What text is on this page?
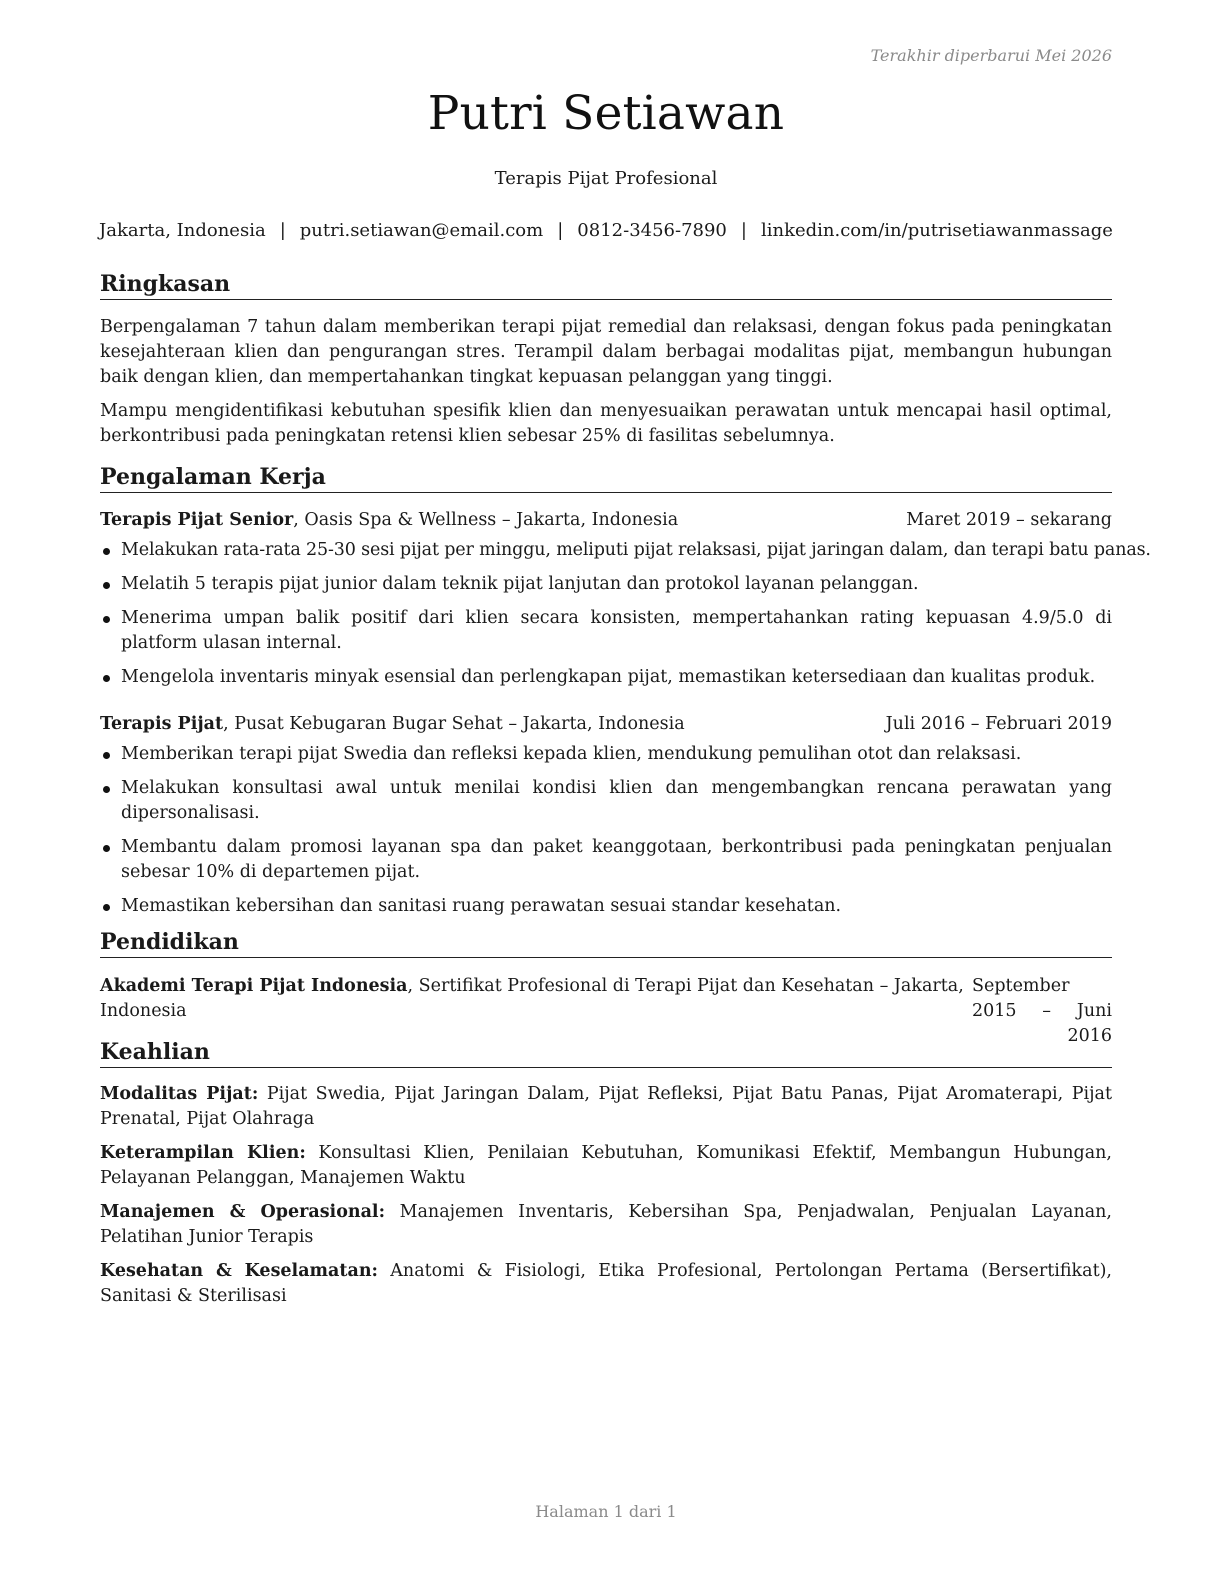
Terakhir diperbarui Mei 2026
Putri Setiawan
Terapis Pijat Profesional
Jakarta, Indonesia | putri.setiawan@email.com | 0812-3456-7890 | linkedin.com/in/putrisetiawanmassage
Ringkasan

Berpengalaman 7 tahun dalam memberikan terapi pijat remedial dan relaksasi, dengan fokus pada peningkatan kesejahteraan klien dan pengurangan stres. Terampil dalam berbagai modalitas pijat, membangun hubungan baik dengan klien, dan mempertahankan tingkat kepuasan pelanggan yang tinggi.

Mampu mengidentifikasi kebutuhan spesifik klien dan menyesuaikan perawatan untuk mencapai hasil optimal, berkontribusi pada peningkatan retensi klien sebesar 25% di fasilitas sebelumnya.

Pengalaman Kerja
Terapis Pijat Senior, Oasis Spa & Wellness – Jakarta, Indonesia	Maret 2019 – sekarang
Melakukan rata-rata 25-30 sesi pijat per minggu, meliputi pijat relaksasi, pijat jaringan dalam, dan terapi batu panas.
Melatih 5 terapis pijat junior dalam teknik pijat lanjutan dan protokol layanan pelanggan.
Menerima umpan balik positif dari klien secara konsisten, mempertahankan rating kepuasan 4.9/5.0 di platform ulasan internal.
Mengelola inventaris minyak esensial dan perlengkapan pijat, memastikan ketersediaan dan kualitas produk.
Terapis Pijat, Pusat Kebugaran Bugar Sehat – Jakarta, Indonesia	Juli 2016 – Februari 2019
Memberikan terapi pijat Swedia dan refleksi kepada klien, mendukung pemulihan otot dan relaksasi.
Melakukan konsultasi awal untuk menilai kondisi klien dan mengembangkan rencana perawatan yang dipersonalisasi.
Membantu dalam promosi layanan spa dan paket keanggotaan, berkontribusi pada peningkatan penjualan sebesar 10% di departemen pijat.
Memastikan kebersihan dan sanitasi ruang perawatan sesuai standar kesehatan.
Pendidikan
Akademi Terapi Pijat Indonesia, Sertifikat Profesional di Terapi Pijat dan Kesehatan – Jakarta, Indonesia
September 2015 – Juni 2016
Keahlian

Modalitas Pijat: Pijat Swedia, Pijat Jaringan Dalam, Pijat Refleksi, Pijat Batu Panas, Pijat Aromaterapi, Pijat Prenatal, Pijat Olahraga

Keterampilan Klien: Konsultasi Klien, Penilaian Kebutuhan, Komunikasi Efektif, Membangun Hubungan, Pelayanan Pelanggan, Manajemen Waktu

Manajemen & Operasional: Manajemen Inventaris, Kebersihan Spa, Penjadwalan, Penjualan Layanan, Pelatihan Junior Terapis

Kesehatan & Keselamatan: Anatomi & Fisiologi, Etika Profesional, Pertolongan Pertama (Bersertifikat), Sanitasi & Sterilisasi

Halaman 1 dari 1
